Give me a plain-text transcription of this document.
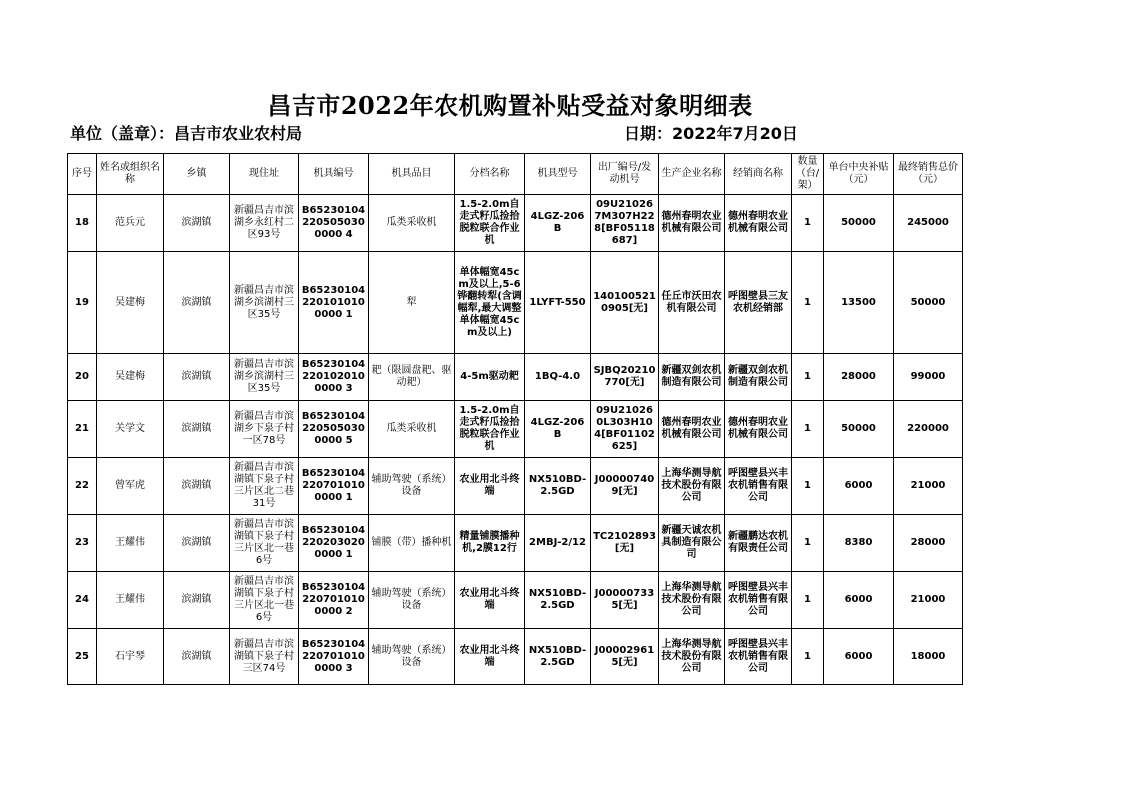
昌吉市2022年农机购置补贴受益对象明细表
单位（盖章）：昌吉市农业农村局	日期：2022年7月20日
序号	姓名或组织名称	乡镇	现住址	机具编号	机具品目	分档名称	机具型号	出厂编号/发动机号	生产企业名称	经销商名称	数量（台/架）	单台中央补贴（元）	最终销售总价（元）
18	范兵元	滨湖镇	新疆昌吉市滨湖乡永红村二区93号	B652301042205050300000 4	瓜类采收机	1.5-2.0m自走式籽瓜捡拾脱粒联合作业机	4LGZ-206B	09U210267M307H228[BF05118687]	德州春明农业机械有限公司	德州春明农业机械有限公司	1	50000	245000
19	吴建梅	滨湖镇	新疆昌吉市滨湖乡滨湖村三区35号	B652301042201010100000 1	犁	单体幅宽45cm及以上,5-6铧翻转犁(含调幅犁,最大调整单体幅宽45cm及以上)	1LYFT-550	1401005210905[无]	任丘市沃田农机有限公司	呼图壁县三友农机经销部	1	13500	50000
20	吴建梅	滨湖镇	新疆昌吉市滨湖乡滨湖村三区35号	B652301042201020100000 3	耙（限圆盘耙、驱动耙）	4-5m驱动耙	1BQ-4.0	SJBQ20210770[无]	新疆双剑农机制造有限公司	新疆双剑农机制造有限公司	1	28000	99000
21	关学文	滨湖镇	新疆昌吉市滨湖乡下泉子村一区78号	B652301042205050300000 5	瓜类采收机	1.5-2.0m自走式籽瓜捡拾脱粒联合作业机	4LGZ-206B	09U210260L303H104[BF01102625]	德州春明农业机械有限公司	德州春明农业机械有限公司	1	50000	220000
22	曾军虎	滨湖镇	新疆昌吉市滨湖镇下泉子村三片区北二巷31号	B652301042207010100000 1	辅助驾驶（系统）设备	农业用北斗终端	NX510BD-2.5GD	J000007409[无]	上海华测导航技术股份有限公司	呼图壁县兴丰农机销售有限公司	1	6000	21000
23	王耀伟	滨湖镇	新疆昌吉市滨湖镇下泉子村三片区北一巷6号	B652301042202030200000 1	铺膜（带）播种机	精量铺膜播种机,2膜12行	2MBJ-2/12	TC2102893[无]	新疆天诚农机具制造有限公司	新疆鹏达农机有限责任公司	1	8380	28000
24	王耀伟	滨湖镇	新疆昌吉市滨湖镇下泉子村三片区北一巷6号	B652301042207010100000 2	辅助驾驶（系统）设备	农业用北斗终端	NX510BD-2.5GD	J000007335[无]	上海华测导航技术股份有限公司	呼图壁县兴丰农机销售有限公司	1	6000	21000
25	石宇琴	滨湖镇	新疆昌吉市滨湖镇下泉子村三区74号	B652301042207010100000 3	辅助驾驶（系统）设备	农业用北斗终端	NX510BD-2.5GD	J000029615[无]	上海华测导航技术股份有限公司	呼图壁县兴丰农机销售有限公司	1	6000	18000
